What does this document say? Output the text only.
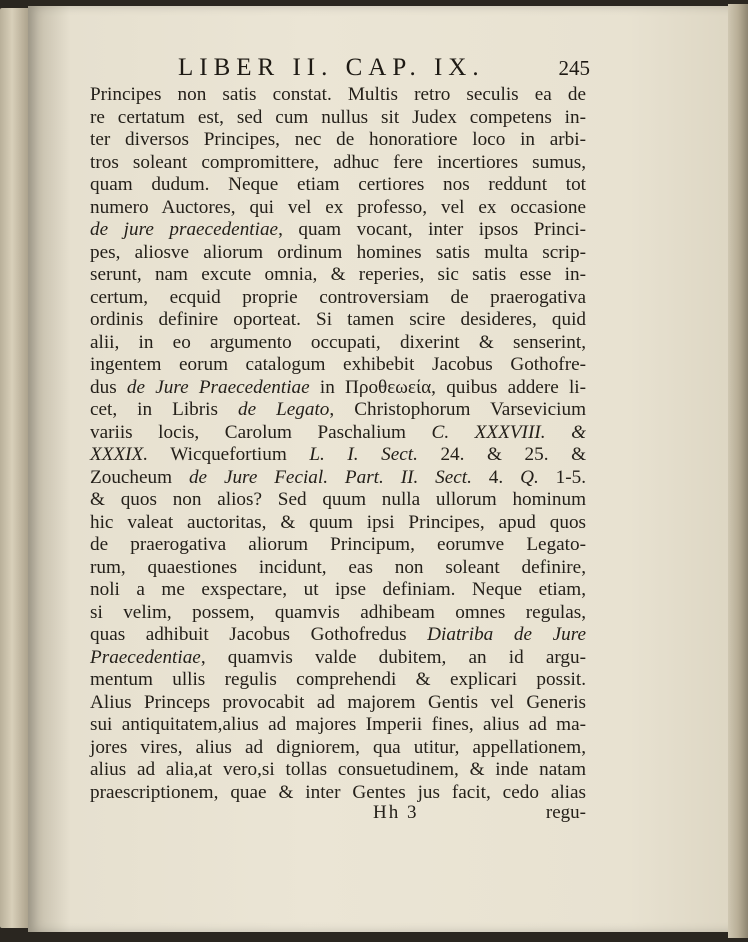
LIBER II. CAP. IX.	245
Principes non satis constat. Multis retro seculis ea de
re certatum est, sed cum nullus sit Judex competens in-
ter diversos Principes, nec de honoratiore loco in arbi-
tros soleant compromittere, adhuc fere incertiores sumus,
quam dudum. Neque etiam certiores nos reddunt tot
numero Auctores, qui vel ex professo, vel ex occasione
de jure praecedentiae, quam vocant, inter ipsos Princi-
pes, aliosve aliorum ordinum homines satis multa scrip-
serunt, nam excute omnia, & reperies, sic satis esse in-
certum, ecquid proprie controversiam de praerogativa
ordinis definire oporteat. Si tamen scire desideres, quid
alii, in eo argumento occupati, dixerint & senserint,
ingentem eorum catalogum exhibebit Jacobus Gothofre-
dus de Jure Praecedentiae in Προθεωεία, quibus addere li-
cet, in Libris de Legato, Christophorum Varsevicium
variis locis, Carolum Paschalium C. XXXVIII. &
XXXIX. Wicquefortium L. I. Sect. 24. & 25. &
Zoucheum de Jure Fecial. Part. II. Sect. 4. Q. 1-5.
& quos non alios? Sed quum nulla ullorum hominum
hic valeat auctoritas, & quum ipsi Principes, apud quos
de praerogativa aliorum Principum, eorumve Legato-
rum, quaestiones incidunt, eas non soleant definire,
noli a me exspectare, ut ipse definiam. Neque etiam,
si velim, possem, quamvis adhibeam omnes regulas,
quas adhibuit Jacobus Gothofredus Diatriba de Jure
Praecedentiae, quamvis valde dubitem, an id argu-
mentum ullis regulis comprehendi & explicari possit.
Alius Princeps provocabit ad majorem Gentis vel Generis
sui antiquitatem,alius ad majores Imperii fines, alius ad ma-
jores vires, alius ad digniorem, qua utitur, appellationem,
alius ad alia,at vero,si tollas consuetudinem, & inde natam
praescriptionem, quae & inter Gentes jus facit, cedo alias
Hh 3	regu-
